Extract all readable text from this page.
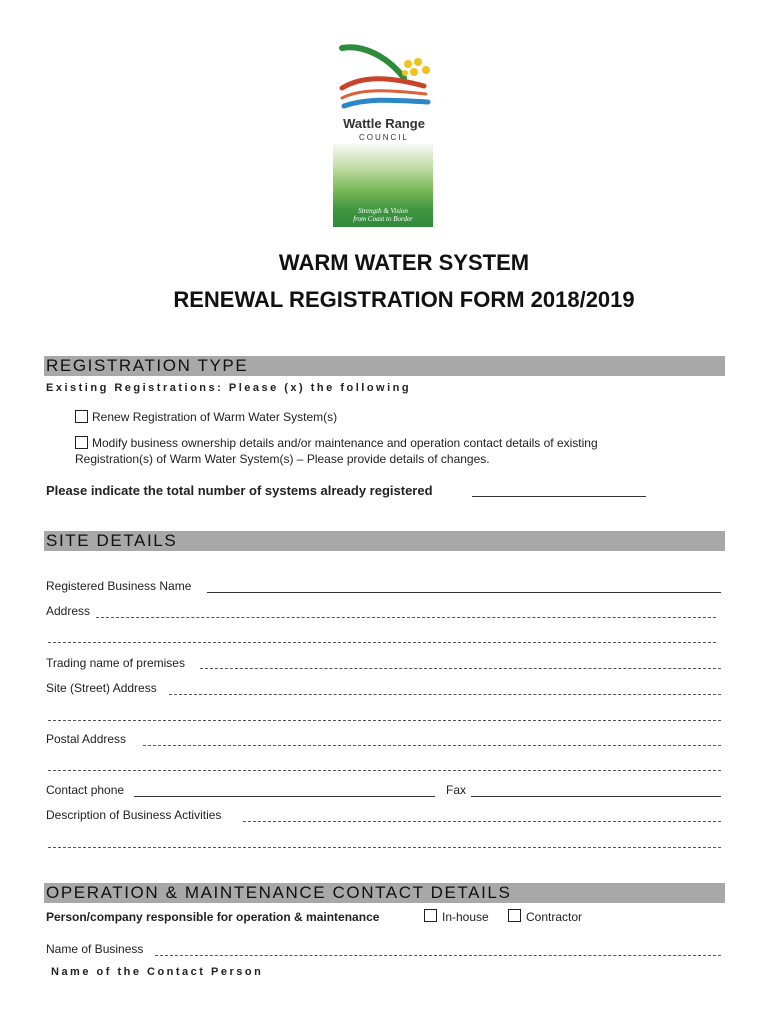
Wattle Range
COUNCIL
Strength & Vision
from Coast to Border
WARM WATER SYSTEM
RENEWAL REGISTRATION FORM 2018/2019
REGISTRATION TYPE
Existing Registrations: Please (x) the following
Renew Registration of Warm Water System(s)
Modify business ownership details and/or maintenance and operation contact details of existing
Registration(s) of Warm Water System(s) – Please provide details of changes.
Please indicate the total number of systems already registered
SITE DETAILS
Registered Business Name
Address
Trading name of premises
Site (Street) Address
Postal Address
Contact phone	Fax
Description of Business Activities
OPERATION & MAINTENANCE CONTACT DETAILS
Person/company responsible for operation & maintenance	In-house	Contractor
Name of Business
Name of the Contact Person
